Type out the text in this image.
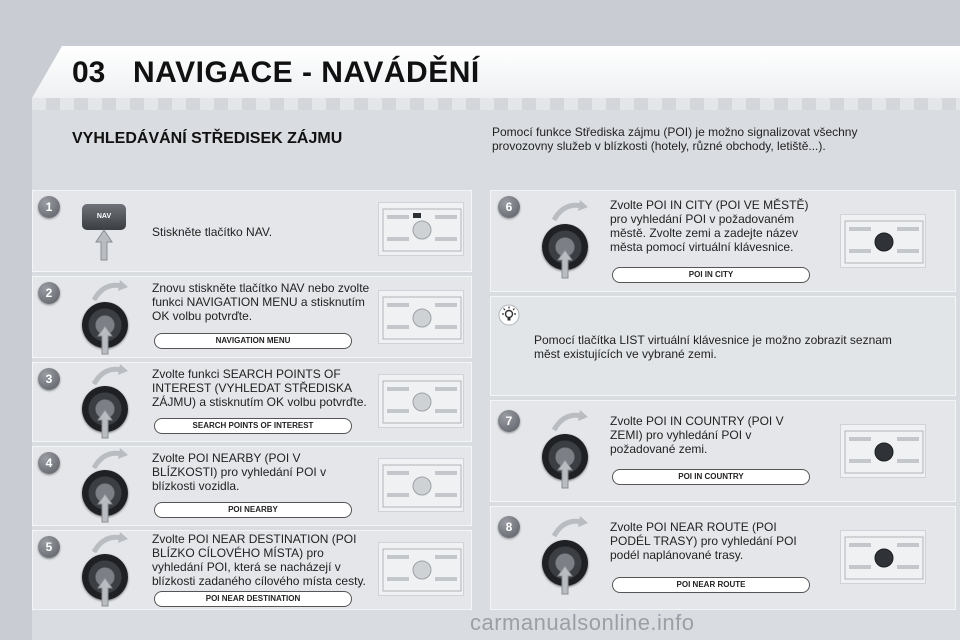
03 NAVIGACE - NAVÁDĚNÍ
VYHLEDÁVÁNÍ STŘEDISEK ZÁJMU	Pomocí funkce Střediska zájmu (POI) je možno signalizovat všechny provozovny služeb v blízkosti (hotely, různé obchody, letiště...).
1
2
3
4
5
6
7
8
NAV
Stiskněte tlačítko NAV.
Znovu stiskněte tlačítko NAV nebo zvolte funkci NAVIGATION MENU a stisknutím OK volbu potvrďte.
Zvolte funkci SEARCH POINTS OF INTEREST (VYHLEDAT STŘEDISKA ZÁJMU) a stisknutím OK volbu potvrďte.
Zvolte POI NEARBY (POI V BLÍZKOSTI) pro vyhledání POI v blízkosti vozidla.
Zvolte POI NEAR DESTINATION (POI BLÍZKO CÍLOVÉHO MÍSTA) pro vyhledání POI, která se nacházejí v blízkosti zadaného cílového místa cesty.
Zvolte POI IN CITY (POI VE MĚSTĚ) pro vyhledání POI v požadovaném městě. Zvolte zemi a zadejte název města pomocí virtuální klávesnice.
Zvolte POI IN COUNTRY (POI V ZEMI) pro vyhledání POI v požadované zemi.
Zvolte POI NEAR ROUTE (POI PODÉL TRASY) pro vyhledání POI podél naplánované trasy.
NAVIGATION MENU
SEARCH POINTS OF INTEREST
POI NEARBY
POI NEAR DESTINATION
POI IN CITY
POI IN COUNTRY
POI NEAR ROUTE
Pomocí tlačítka LIST virtuální klávesnice je možno zobrazit seznam měst existujících ve vybrané zemi.
carmanualsonline.info
